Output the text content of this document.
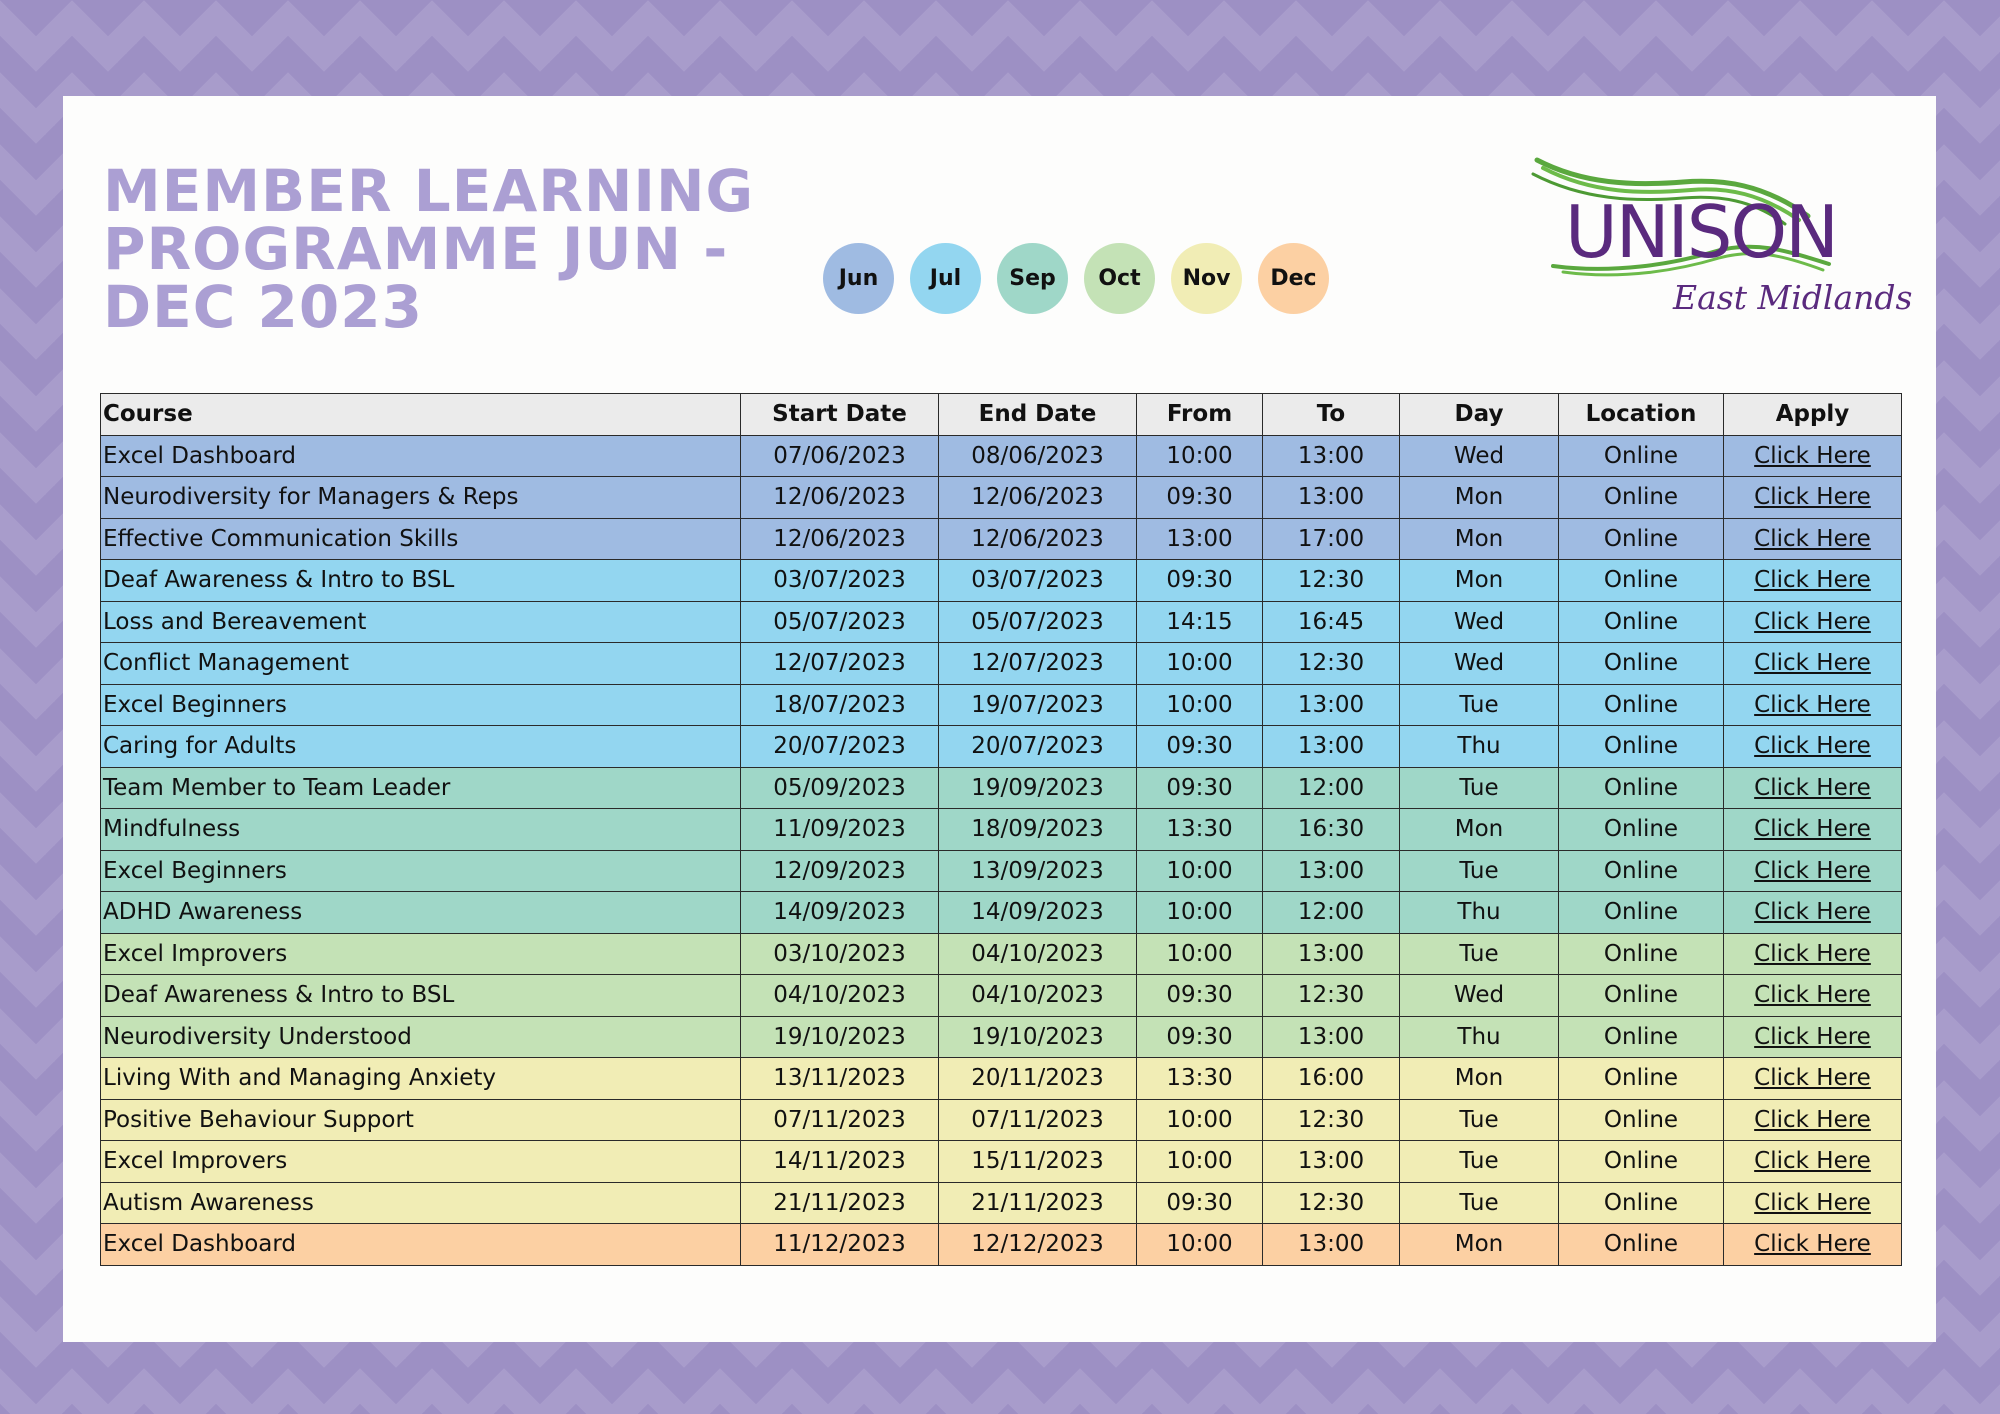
MEMBER LEARNING PROGRAMME JUN - DEC 2023	Jun	Jul	Sep	Oct	Nov	Dec
UNISON
East Midlands
Course	Start Date	End Date	From	To	Day	Location	Apply
Excel Dashboard	07/06/2023	08/06/2023	10:00	13:00	Wed	Online	Click Here
Neurodiversity for Managers & Reps	12/06/2023	12/06/2023	09:30	13:00	Mon	Online	Click Here
Effective Communication Skills	12/06/2023	12/06/2023	13:00	17:00	Mon	Online	Click Here
Deaf Awareness & Intro to BSL	03/07/2023	03/07/2023	09:30	12:30	Mon	Online	Click Here
Loss and Bereavement	05/07/2023	05/07/2023	14:15	16:45	Wed	Online	Click Here
Conflict Management	12/07/2023	12/07/2023	10:00	12:30	Wed	Online	Click Here
Excel Beginners	18/07/2023	19/07/2023	10:00	13:00	Tue	Online	Click Here
Caring for Adults	20/07/2023	20/07/2023	09:30	13:00	Thu	Online	Click Here
Team Member to Team Leader	05/09/2023	19/09/2023	09:30	12:00	Tue	Online	Click Here
Mindfulness	11/09/2023	18/09/2023	13:30	16:30	Mon	Online	Click Here
Excel Beginners	12/09/2023	13/09/2023	10:00	13:00	Tue	Online	Click Here
ADHD Awareness	14/09/2023	14/09/2023	10:00	12:00	Thu	Online	Click Here
Excel Improvers	03/10/2023	04/10/2023	10:00	13:00	Tue	Online	Click Here
Deaf Awareness & Intro to BSL	04/10/2023	04/10/2023	09:30	12:30	Wed	Online	Click Here
Neurodiversity Understood	19/10/2023	19/10/2023	09:30	13:00	Thu	Online	Click Here
Living With and Managing Anxiety	13/11/2023	20/11/2023	13:30	16:00	Mon	Online	Click Here
Positive Behaviour Support	07/11/2023	07/11/2023	10:00	12:30	Tue	Online	Click Here
Excel Improvers	14/11/2023	15/11/2023	10:00	13:00	Tue	Online	Click Here
Autism Awareness	21/11/2023	21/11/2023	09:30	12:30	Tue	Online	Click Here
Excel Dashboard	11/12/2023	12/12/2023	10:00	13:00	Mon	Online	Click Here
